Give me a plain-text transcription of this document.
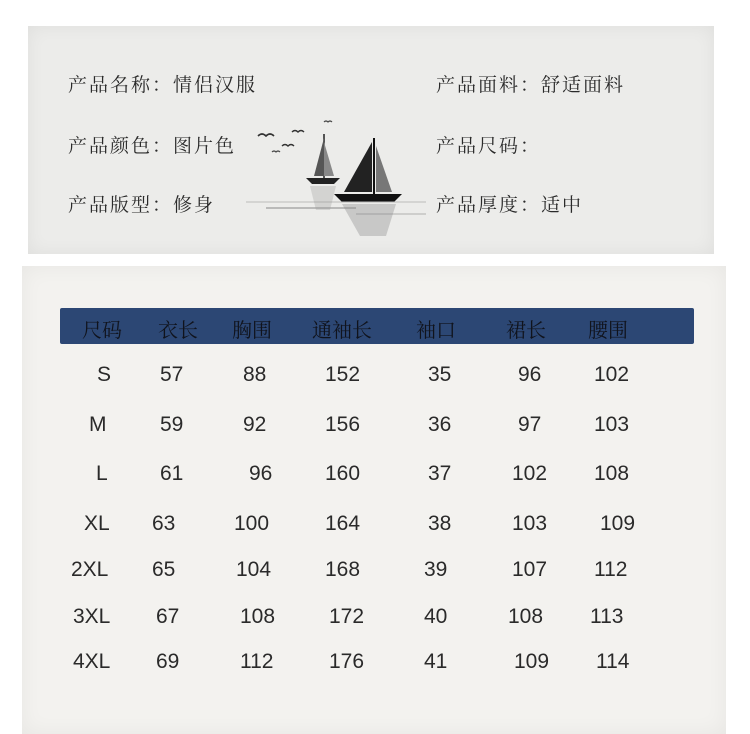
产品名称：情侣汉服	产品面料：舒适面料
产品颜色：图片色	产品尺码：
产品版型：修身	产品厚度：适中
尺码 衣长 胸围 通袖长 袖口	裙长 腰围
S 57	88	152	35	96	102
M	59	92	156	36	97	103
L 61	96	160	37	102 108
XL 63	100	164	38	103	109
2XL 65	104	168	39	107 112
3XL 67	108	172	40	108 113
4XL 69	112	176	41	109 114
